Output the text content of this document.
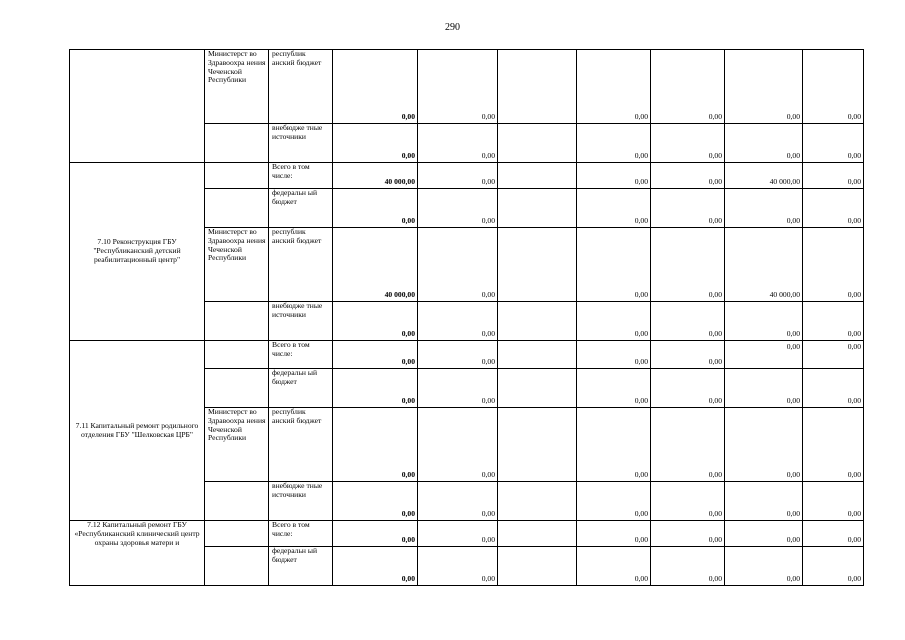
290
	Министерст во Здравоохра нения Чеченской Республики	республик анский бюджет	0,00	0,00		0,00	0,00	0,00	0,00
		внебюдже тные источники	0,00	0,00		0,00	0,00	0,00	0,00
7.10 Реконструкция ГБУ "Республиканский детский реабилитационный центр"		Всего в том числе:	40 000,00	0,00		0,00	0,00	40 000,00	0,00
		федеральн ый бюджет	0,00	0,00		0,00	0,00	0,00	0,00
	Министерст во Здравоохра нения Чеченской Республики	республик анский бюджет	40 000,00	0,00		0,00	0,00	40 000,00	0,00
		внебюдже тные источники	0,00	0,00		0,00	0,00	0,00	0,00
7.11 Капитальный ремонт родильного отделения ГБУ "Шелковская ЦРБ"		Всего в том числе:	0,00	0,00		0,00	0,00	0,00	0,00
		федеральн ый бюджет	0,00	0,00		0,00	0,00	0,00	0,00
	Министерст во Здравоохра нения Чеченской Республики	республик анский бюджет	0,00	0,00		0,00	0,00	0,00	0,00
		внебюдже тные источники	0,00	0,00		0,00	0,00	0,00	0,00
7.12 Капитальный ремонт ГБУ «Республиканский клинический центр охраны здоровья матери и		Всего в том числе:	0,00	0,00		0,00	0,00	0,00	0,00
		федеральн ый бюджет	0,00	0,00		0,00	0,00	0,00	0,00
